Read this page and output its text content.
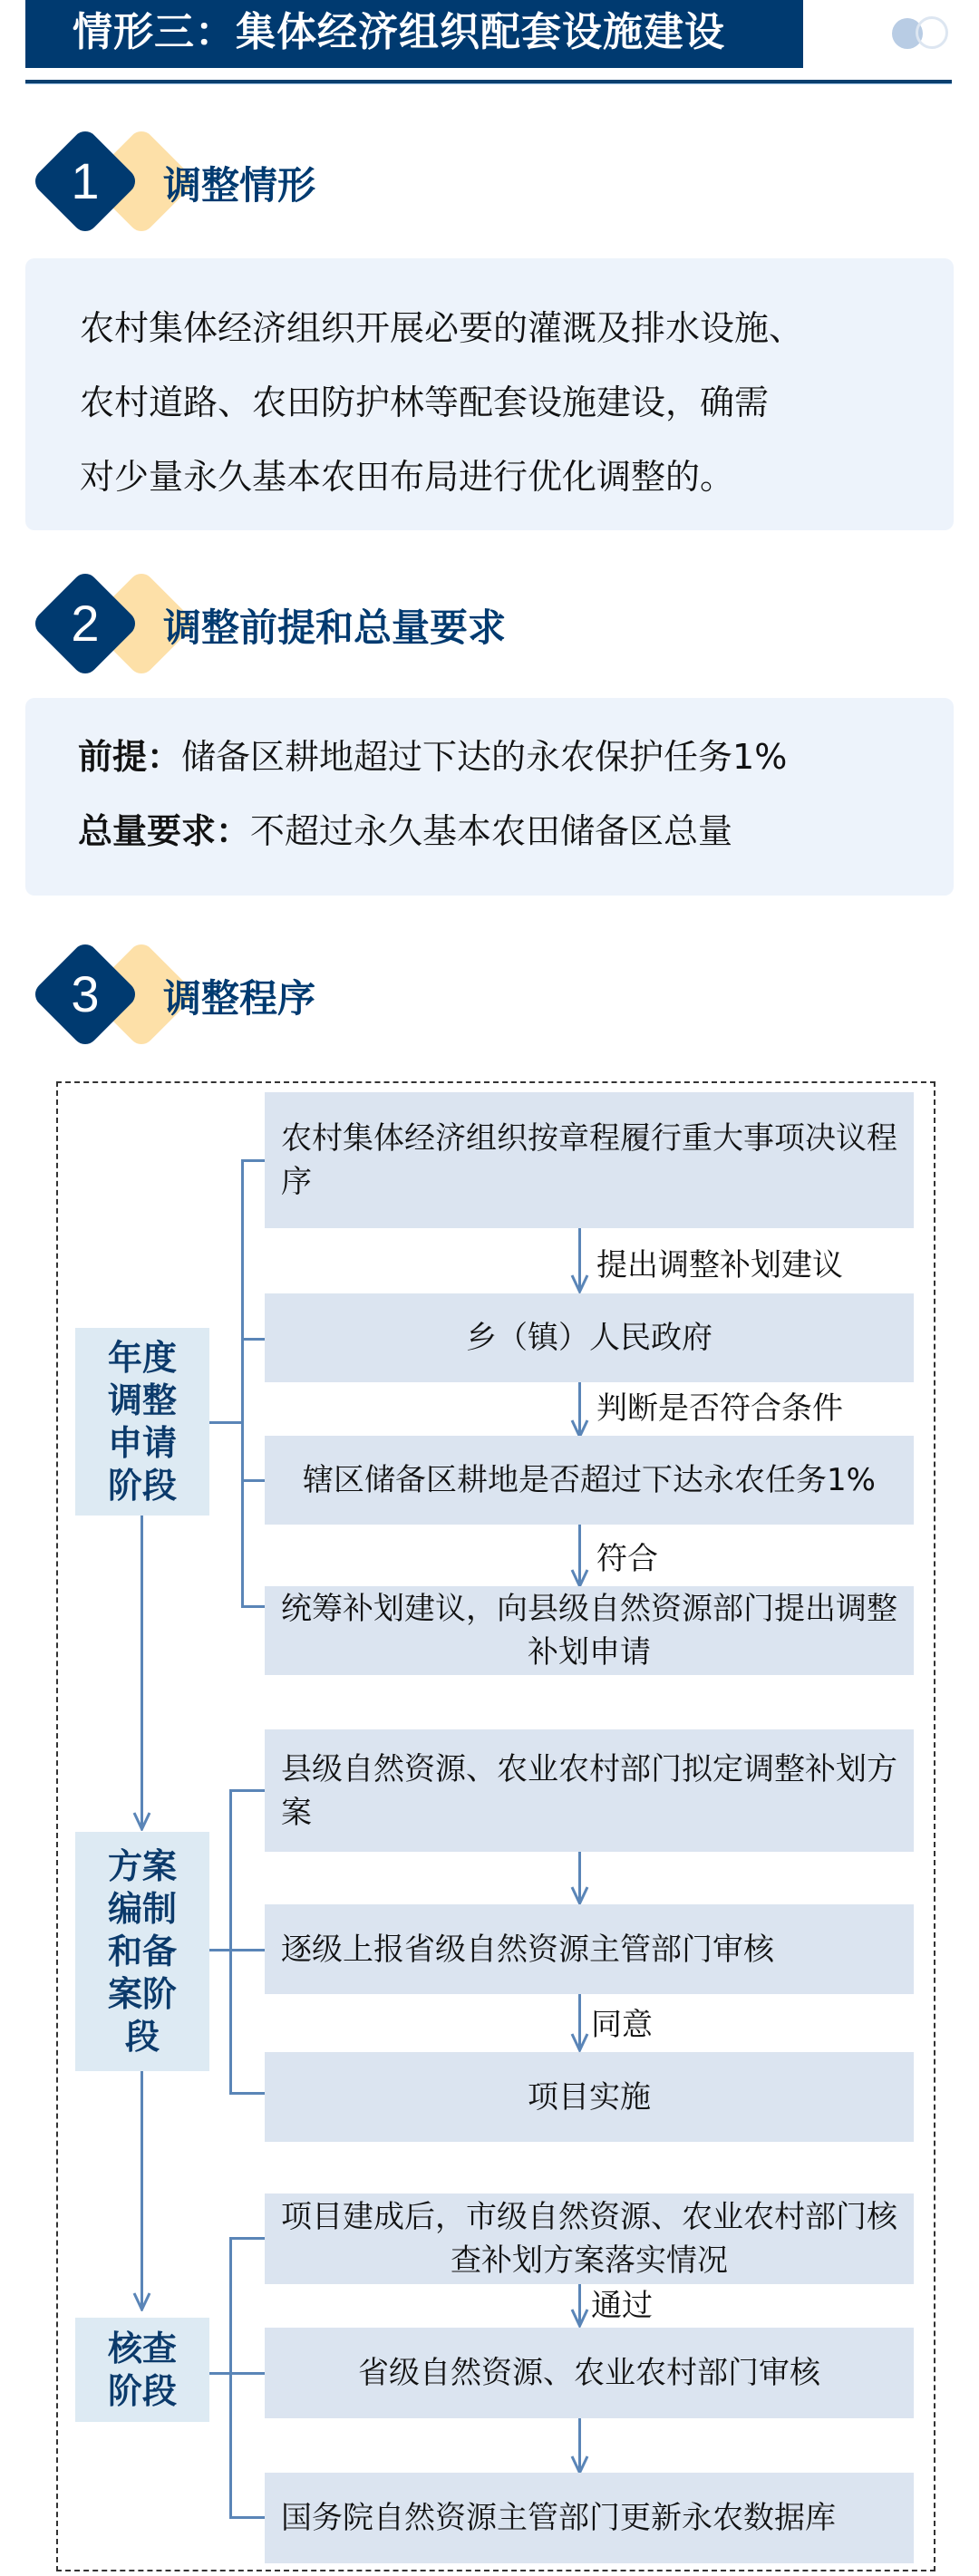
情形三：集体经济组织配套设施建设
1	调整情形

农村集体经济组织开展必要的灌溉及排水设施、

农村道路、农田防护林等配套设施建设，确需

对少量永久基本农田布局进行优化调整的。

2	调整前提和总量要求

前提：储备区耕地超过下达的永农保护任务1%

总量要求：不超过永久基本农田储备区总量

3	调整程序
年度
调整
申请
阶段
农村集体经济组织按章程履行重大事项决议程序
提出调整补划建议
乡（镇）人民政府
判断是否符合条件
辖区储备区耕地是否超过下达永农任务1%
符合
统筹补划建议，向县级自然资源部门提出调整补划申请
方案
编制
和备
案阶
段
县级自然资源、农业农村部门拟定调整补划方案
逐级上报省级自然资源主管部门审核
同意
项目实施
核查
阶段
项目建成后，市级自然资源、农业农村部门核查补划方案落实情况
通过
省级自然资源、农业农村部门审核
国务院自然资源主管部门更新永农数据库
